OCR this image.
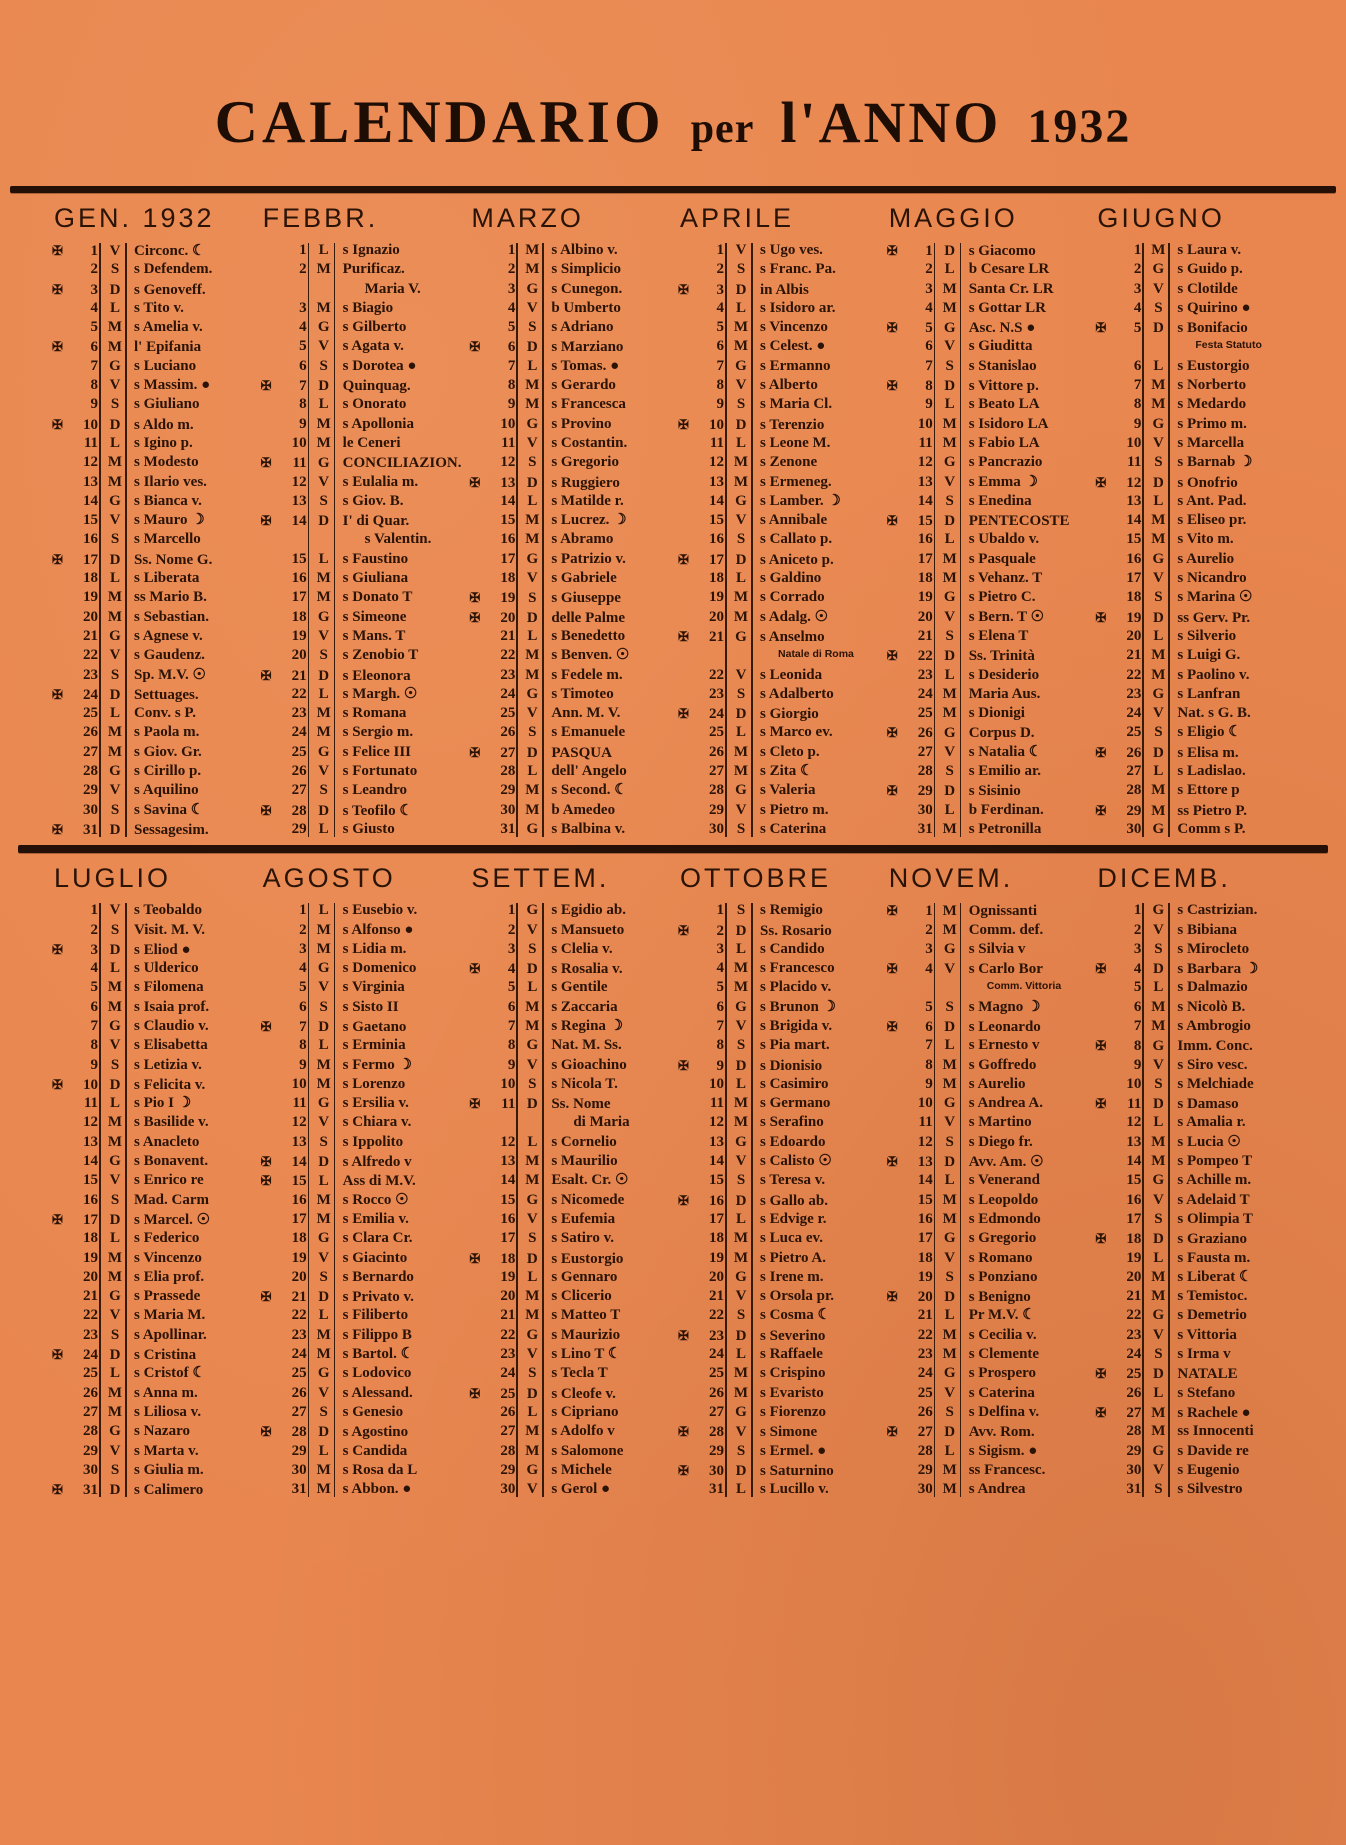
CALENDARIO per l'ANNO 1932
GEN. 1932
✠	1 V Circonc. ☾
2 S s Defendem.
✠	3 D s Genoveff.
4 L s Tito v.
5 M s Amelia v.
✠	6 M l' Epifania
7 G s Luciano
8 V s Massim. ●
9 S s Giuliano
✠	10 D s Aldo m.
11 L s Igino p.
12 M s Modesto
13 M s Ilario ves.
14 G s Bianca v.
15 V s Mauro ☽
16 S s Marcello
✠	17 D Ss. Nome G.
18 L s Liberata
19 M ss Mario B.
20 M s Sebastian.
21 G s Agnese v.
22 V s Gaudenz.
23 S Sp. M.V. ☉
✠	24 D Settuages.
25 L Conv. s P.
26 M s Paola m.
27 M s Giov. Gr.
28 G s Cirillo p.
29 V s Aquilino
30 S s Savina ☾
✠	31 D Sessagesim.
FEBBR.
1 L s Ignazio
2 M Purificaz.
Maria V.
3 M s Biagio
4 G s Gilberto
5 V s Agata v.
6 S s Dorotea ●
✠	7 D Quinquag.
8 L s Onorato
9 M s Apollonia
10 M le Ceneri
✠	11 G CONCILIAZION.
12 V s Eulalia m.
13 S s Giov. B.
✠	14 D I' di Quar.
s Valentin.
15 L s Faustino
16 M s Giuliana
17 M s Donato T
18 G s Simeone
19 V s Mans. T
20 S s Zenobio T
✠	21 D s Eleonora
22 L s Margh. ☉
23 M s Romana
24 M s Sergio m.
25 G s Felice III
26 V s Fortunato
27 S s Leandro
✠	28 D s Teofilo ☾
29 L s Giusto
MARZO
1 M s Albino v.
2 M s Simplicio
3 G s Cunegon.
4 V b Umberto
5 S s Adriano
✠	6 D s Marziano
7 L s Tomas. ●
8 M s Gerardo
9 M s Francesca
10 G s Provino
11 V s Costantin.
12 S s Gregorio
✠	13 D s Ruggiero
14 L s Matilde r.
15 M s Lucrez. ☽
16 M s Abramo
17 G s Patrizio v.
18 V s Gabriele
✠	19 S s Giuseppe
✠	20 D delle Palme
21 L s Benedetto
22 M s Benven. ☉
23 M s Fedele m.
24 G s Timoteo
25 V Ann. M. V.
26 S s Emanuele
✠	27 D PASQUA
28 L dell' Angelo
29 M s Second. ☾
30 M b Amedeo
31 G s Balbina v.
APRILE
1 V s Ugo ves.
2 S s Franc. Pa.
✠	3 D in Albis
4 L s Isidoro ar.
5 M s Vincenzo
6 M s Celest. ●
7 G s Ermanno
8 V s Alberto
9 S s Maria Cl.
✠	10 D s Terenzio
11 L s Leone M.
12 M s Zenone
13 M s Ermeneg.
14 G s Lamber. ☽
15 V s Annibale
16 S s Callato p.
✠	17 D s Aniceto p.
18 L s Galdino
19 M s Corrado
20 M s Adalg. ☉
✠	21 G s Anselmo
Natale di Roma
22 V s Leonida
23 S s Adalberto
✠	24 D s Giorgio
25 L s Marco ev.
26 M s Cleto p.
27 M s Zita ☾
28 G s Valeria
29 V s Pietro m.
30 S s Caterina
MAGGIO
✠	1 D s Giacomo
2 L b Cesare LR
3 M Santa Cr. LR
4 M s Gottar LR
✠	5 G Asc. N.S ●
6 V s Giuditta
7 S s Stanislao
✠	8 D s Vittore p.
9 L s Beato LA
10 M s Isidoro LA
11 M s Fabio LA
12 G s Pancrazio
13 V s Emma ☽
14 S s Enedina
✠	15 D PENTECOSTE
16 L s Ubaldo v.
17 M s Pasquale
18 M s Vehanz. T
19 G s Pietro C.
20 V s Bern. T ☉
21 S s Elena T
✠	22 D Ss. Trinità
23 L s Desiderio
24 M Maria Aus.
25 M s Dionigi
✠	26 G Corpus D.
27 V s Natalia ☾
28 S s Emilio ar.
✠	29 D s Sisinio
30 L b Ferdinan.
31 M s Petronilla
GIUGNO
1 M s Laura v.
2 G s Guido p.
3 V s Clotilde
4 S s Quirino ●
✠	5 D s Bonifacio
Festa Statuto
6 L s Eustorgio
7 M s Norberto
8 M s Medardo
9 G s Primo m.
10 V s Marcella
11 S s Barnab ☽
✠	12 D s Onofrio
13 L s Ant. Pad.
14 M s Eliseo pr.
15 M s Vito m.
16 G s Aurelio
17 V s Nicandro
18 S s Marina ☉
✠	19 D ss Gerv. Pr.
20 L s Silverio
21 M s Luigi G.
22 M s Paolino v.
23 G s Lanfran
24 V Nat. s G. B.
25 S s Eligio ☾
✠	26 D s Elisa m.
27 L s Ladislao.
28 M s Ettore p
✠	29 M ss Pietro P.
30 G Comm s P.
LUGLIO
1 V s Teobaldo
2 S Visit. M. V.
✠	3 D s Eliod ●
4 L s Ulderico
5 M s Filomena
6 M s Isaia prof.
7 G s Claudio v.
8 V s Elisabetta
9 S s Letizia v.
✠	10 D s Felicita v.
11 L s Pio I ☽
12 M s Basilide v.
13 M s Anacleto
14 G s Bonavent.
15 V s Enrico re
16 S Mad. Carm
✠	17 D s Marcel. ☉
18 L s Federico
19 M s Vincenzo
20 M s Elia prof.
21 G s Prassede
22 V s Maria M.
23 S s Apollinar.
✠	24 D s Cristina
25 L s Cristof ☾
26 M s Anna m.
27 M s Liliosa v.
28 G s Nazaro
29 V s Marta v.
30 S s Giulia m.
✠	31 D s Calimero
AGOSTO
1 L s Eusebio v.
2 M s Alfonso ●
3 M s Lidia m.
4 G s Domenico
5 V s Virginia
6 S s Sisto II
✠	7 D s Gaetano
8 L s Erminia
9 M s Fermo ☽
10 M s Lorenzo
11 G s Ersilia v.
12 V s Chiara v.
13 S s Ippolito
✠	14 D s Alfredo v
✠	15 L Ass di M.V.
16 M s Rocco ☉
17 M s Emilia v.
18 G s Clara Cr.
19 V s Giacinto
20 S s Bernardo
✠	21 D s Privato v.
22 L s Filiberto
23 M s Filippo B
24 M s Bartol. ☾
25 G s Lodovico
26 V s Alessand.
27 S s Genesio
✠	28 D s Agostino
29 L s Candida
30 M s Rosa da L
31 M s Abbon. ●
SETTEM.
1 G s Egidio ab.
2 V s Mansueto
3 S s Clelia v.
✠	4 D s Rosalia v.
5 L s Gentile
6 M s Zaccaria
7 M s Regina ☽
8 G Nat. M. Ss.
9 V s Gioachino
10 S s Nicola T.
✠	11 D Ss. Nome
di Maria
12 L s Cornelio
13 M s Maurilio
14 M Esalt. Cr. ☉
15 G s Nicomede
16 V s Eufemia
17 S s Satiro v.
✠	18 D s Eustorgio
19 L s Gennaro
20 M s Clicerio
21 M s Matteo T
22 G s Maurizio
23 V s Lino T ☾
24 S s Tecla T
✠	25 D s Cleofe v.
26 L s Cipriano
27 M s Adolfo v
28 M s Salomone
29 G s Michele
30 V s Gerol ●
OTTOBRE
1 S s Remigio
✠	2 D Ss. Rosario
3 L s Candido
4 M s Francesco
5 M s Placido v.
6 G s Brunon ☽
7 V s Brigida v.
8 S s Pia mart.
✠	9 D s Dionisio
10 L s Casimiro
11 M s Germano
12 M s Serafino
13 G s Edoardo
14 V s Calisto ☉
15 S s Teresa v.
✠	16 D s Gallo ab.
17 L s Edvige r.
18 M s Luca ev.
19 M s Pietro A.
20 G s Irene m.
21 V s Orsola pr.
22 S s Cosma ☾
✠	23 D s Severino
24 L s Raffaele
25 M s Crispino
26 M s Evaristo
27 G s Fiorenzo
✠	28 V s Simone
29 S s Ermel. ●
✠	30 D s Saturnino
31 L s Lucillo v.
NOVEM.
✠	1 M Ognissanti
2 M Comm. def.
3 G s Silvia v
✠	4 V s Carlo Bor
Comm. Vittoria
5 S s Magno ☽
✠	6 D s Leonardo
7 L s Ernesto v
8 M s Goffredo
9 M s Aurelio
10 G s Andrea A.
11 V s Martino
12 S s Diego fr.
✠	13 D Avv. Am. ☉
14 L s Venerand
15 M s Leopoldo
16 M s Edmondo
17 G s Gregorio
18 V s Romano
19 S s Ponziano
✠	20 D s Benigno
21 L Pr M.V. ☾
22 M s Cecilia v.
23 M s Clemente
24 G s Prospero
25 V s Caterina
26 S s Delfina v.
✠	27 D Avv. Rom.
28 L s Sigism. ●
29 M ss Francesc.
30 M s Andrea
DICEMB.
1 G s Castrizian.
2 V s Bibiana
3 S s Mirocleto
✠	4 D s Barbara ☽
5 L s Dalmazio
6 M s Nicolò B.
7 M s Ambrogio
✠	8 G Imm. Conc.
9 V s Siro vesc.
10 S s Melchiade
✠	11 D s Damaso
12 L s Amalia r.
13 M s Lucia ☉
14 M s Pompeo T
15 G s Achille m.
16 V s Adelaid T
17 S s Olimpia T
✠	18 D s Graziano
19 L s Fausta m.
20 M s Liberat ☾
21 M s Temistoc.
22 G s Demetrio
23 V s Vittoria
24 S s Irma v
✠	25 D NATALE
26 L s Stefano
✠	27 M s Rachele ●
28 M ss Innocenti
29 G s Davide re
30 V s Eugenio
31 S s Silvestro
